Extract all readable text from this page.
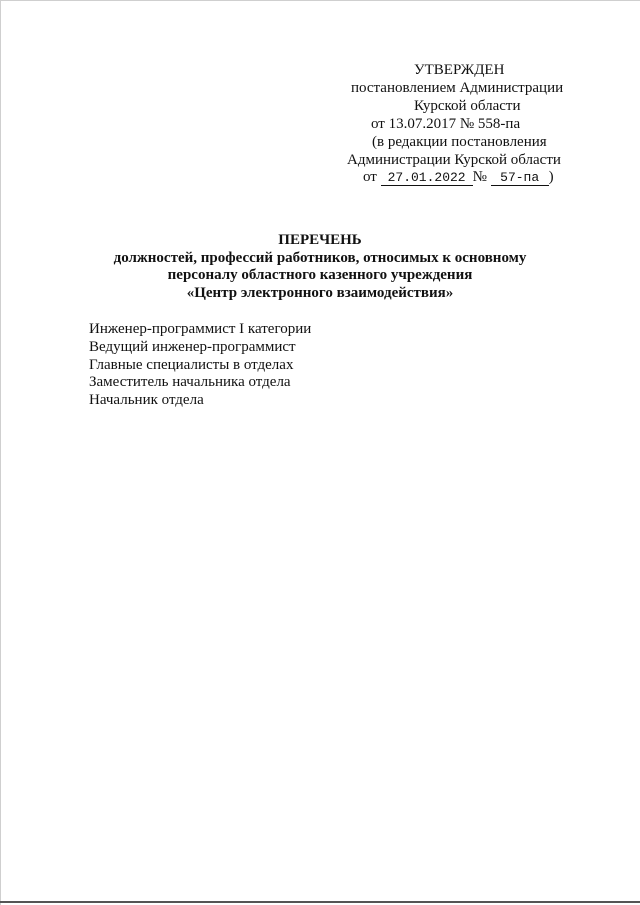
УТВЕРЖДЕН
постановлением Администрации
Курской области
от 13.07.2017 № 558-па
(в редакции постановления
Администрации Курской области
от 27.01.2022 № 57-па )
ПЕРЕЧЕНЬ
должностей, профессий работников, относимых к основному
персоналу областного казенного учреждения
«Центр электронного взаимодействия»
Инженер-программист I категории
Ведущий инженер-программист
Главные специалисты в отделах
Заместитель начальника отдела
Начальник отдела
